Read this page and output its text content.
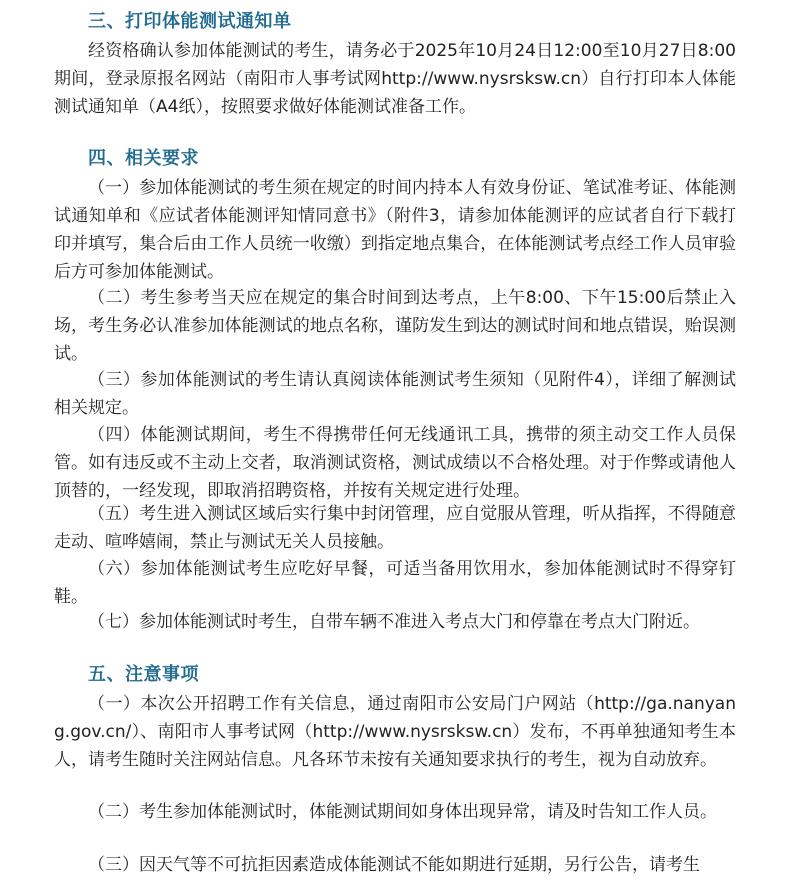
三、打印体能测试通知单

经资格确认参加体能测试的考生，请务必于2025年10月24日12:00至10月27日8:00期间，登录原报名网站（南阳市人事考试网http://www.nysrsksw.cn）自行打印本人体能测试通知单（A4纸），按照要求做好体能测试准备工作。

四、相关要求

（一）参加体能测试的考生须在规定的时间内持本人有效身份证、笔试准考证、体能测试通知单和《应试者体能测评知情同意书》（附件3，请参加体能测评的应试者自行下载打印并填写，集合后由工作人员统一收缴）到指定地点集合，在体能测试考点经工作人员审验后方可参加体能测试。

（二）考生参考当天应在规定的集合时间到达考点，上午8:00、下午15:00后禁止入场，考生务必认准参加体能测试的地点名称，谨防发生到达的测试时间和地点错误，贻误测试。

（三）参加体能测试的考生请认真阅读体能测试考生须知（见附件4），详细了解测试相关规定。

（四）体能测试期间，考生不得携带任何无线通讯工具，携带的须主动交工作人员保管。如有违反或不主动上交者，取消测试资格，测试成绩以不合格处理。对于作弊或请他人顶替的，一经发现，即取消招聘资格，并按有关规定进行处理。

（五）考生进入测试区域后实行集中封闭管理，应自觉服从管理，听从指挥，不得随意走动、喧哗嬉闹，禁止与测试无关人员接触。

（六）参加体能测试考生应吃好早餐，可适当备用饮用水，参加体能测试时不得穿钉鞋。

（七）参加体能测试时考生，自带车辆不准进入考点大门和停靠在考点大门附近。

五、注意事项

（一）本次公开招聘工作有关信息，通过南阳市公安局门户网站（http://ga.nanyang.gov.cn/）、南阳市人事考试网（http://www.nysrsksw.cn）发布，不再单独通知考生本人，请考生随时关注网站信息。凡各环节未按有关通知要求执行的考生，视为自动放弃。

（二）考生参加体能测试时，体能测试期间如身体出现异常，请及时告知工作人员。

（三）因天气等不可抗拒因素造成体能测试不能如期进行延期，另行公告，请考生
